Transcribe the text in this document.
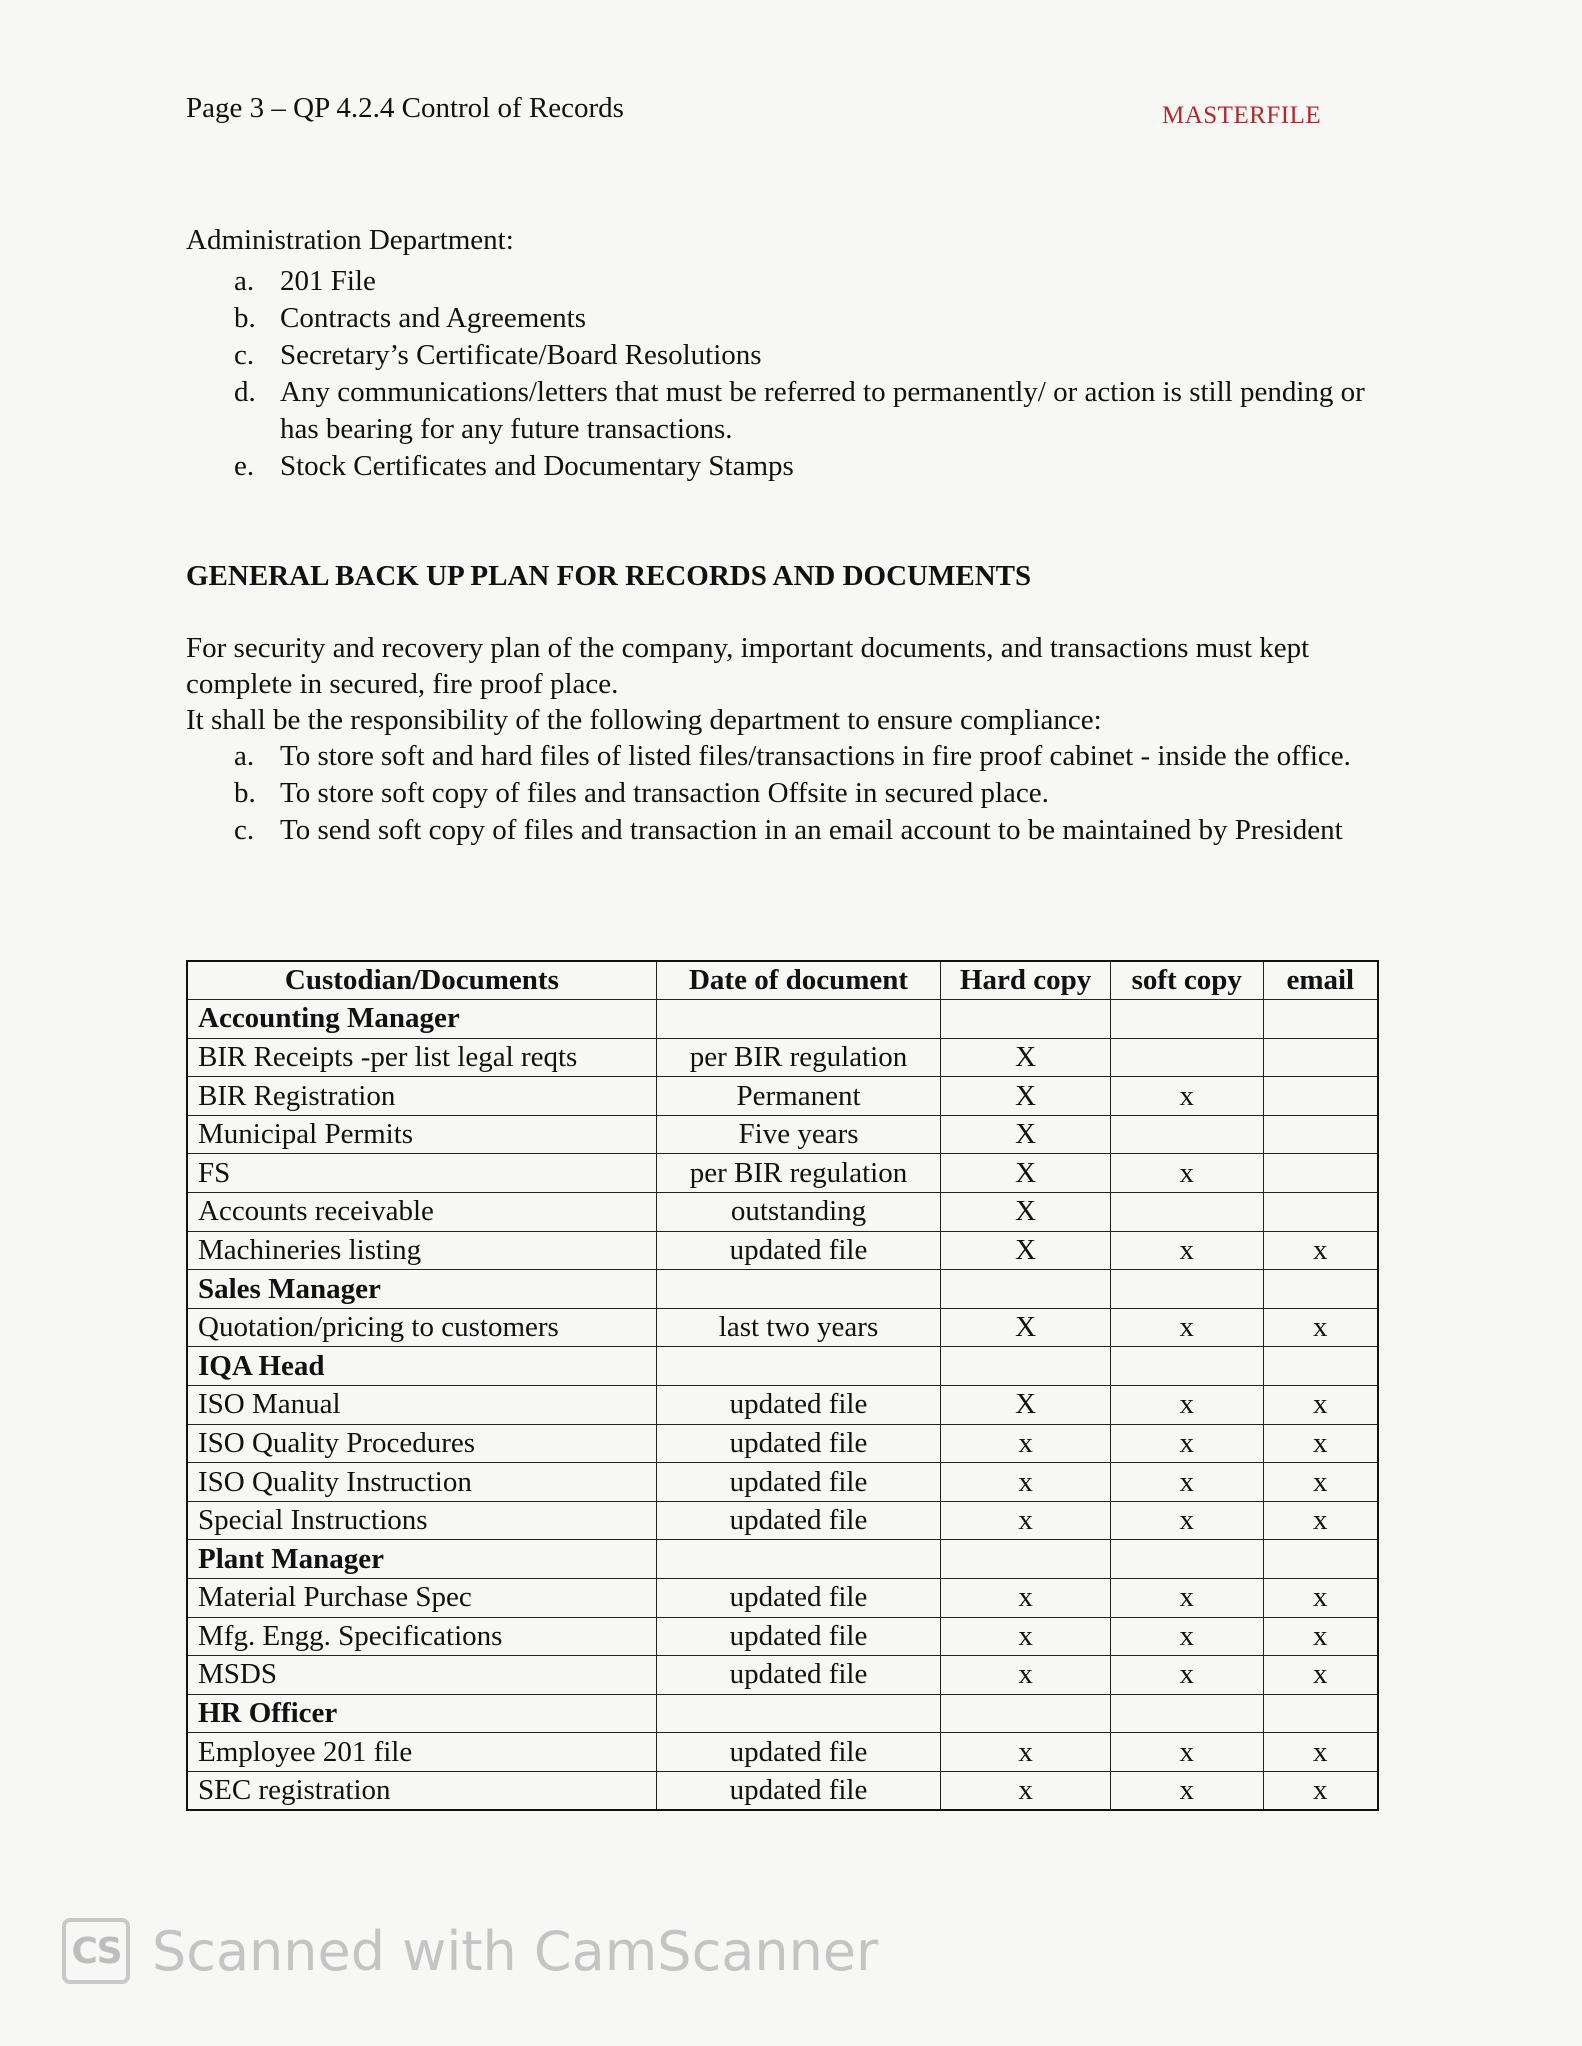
Page 3 – QP 4.2.4 Control of Records	MASTERFILE
Administration Department:
a. 201 File
b. Contracts and Agreements
c. Secretary’s Certificate/Board Resolutions
d. Any communications/letters that must be referred to permanently/ or action is still pending or has bearing for any future transactions.
e. Stock Certificates and Documentary Stamps
GENERAL BACK UP PLAN FOR RECORDS AND DOCUMENTS

For security and recovery plan of the company, important documents, and transactions must kept complete in secured, fire proof place.

It shall be the responsibility of the following department to ensure compliance:

a. To store soft and hard files of listed files/transactions in fire proof cabinet - inside the office.
b. To store soft copy of files and transaction Offsite in secured place.
c. To send soft copy of files and transaction in an email account to be maintained by President
Custodian/Documents	Date of document	Hard copy	soft copy	email
Accounting Manager				
BIR Receipts -per list legal reqts	per BIR regulation	X		
BIR Registration	Permanent	X	x	
Municipal Permits	Five years	X		
FS	per BIR regulation	X	x	
Accounts receivable	outstanding	X		
Machineries listing	updated file	X	x	x
Sales Manager				
Quotation/pricing to customers	last two years	X	x	x
IQA Head				
ISO Manual	updated file	X	x	x
ISO Quality Procedures	updated file	x	x	x
ISO Quality Instruction	updated file	x	x	x
Special Instructions	updated file	x	x	x
Plant Manager				
Material Purchase Spec	updated file	x	x	x
Mfg. Engg. Specifications	updated file	x	x	x
MSDS	updated file	x	x	x
HR Officer				
Employee 201 file	updated file	x	x	x
SEC registration	updated file	x	x	x
CS Scanned with CamScanner
